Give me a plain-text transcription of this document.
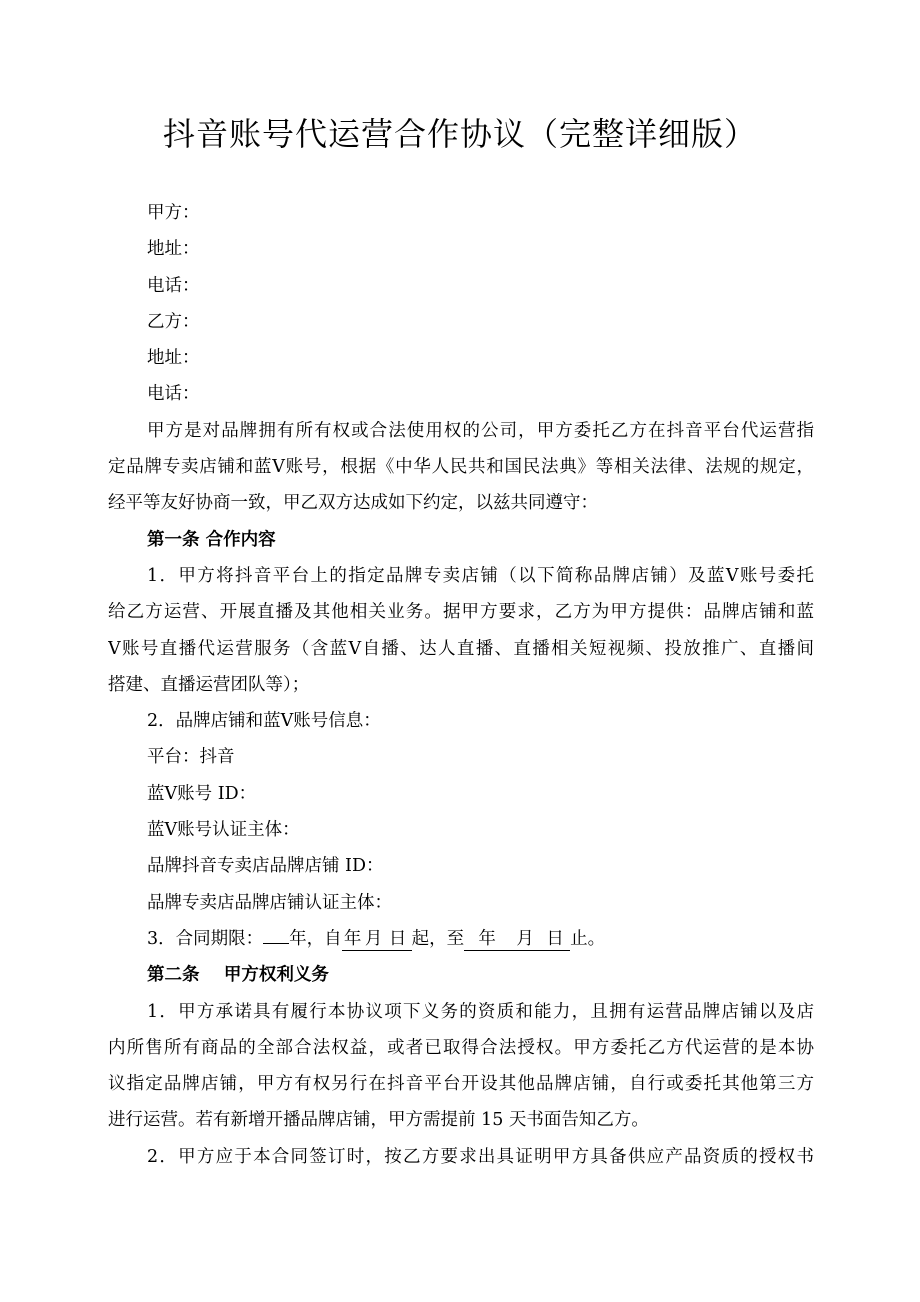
抖音账号代运营合作协议（完整详细版）
甲方：
地址：
电话：
乙方：
地址：
电话：
甲方是对品牌拥有所有权或合法使用权的公司，甲方委托乙方在抖音平台代运营指
定品牌专卖店铺和蓝Ⅴ账号，根据《中华人民共和国民法典》等相关法律、法规的规定，
经平等友好协商一致，甲乙双方达成如下约定，以兹共同遵守：
第一条 合作内容
1．甲方将抖音平台上的指定品牌专卖店铺（以下简称品牌店铺）及蓝Ⅴ账号委托
给乙方运营、开展直播及其他相关业务。据甲方要求，乙方为甲方提供：品牌店铺和蓝
Ⅴ账号直播代运营服务（含蓝Ⅴ自播、达人直播、直播相关短视频、投放推广、直播间
搭建、直播运营团队等）；
2．品牌店铺和蓝Ⅴ账号信息：
平台：抖音
蓝Ⅴ账号 ID：
蓝Ⅴ账号认证主体：
品牌抖音专卖店品牌店铺 ID：
品牌专卖店品牌店铺认证主体：
3．合同期限： 年，自 年 月 日 起，至 年 月 日 止。
第二条    甲方权利义务
1．甲方承诺具有履行本协议项下义务的资质和能力，且拥有运营品牌店铺以及店
内所售所有商品的全部合法权益，或者已取得合法授权。甲方委托乙方代运营的是本协
议指定品牌店铺，甲方有权另行在抖音平台开设其他品牌店铺，自行或委托其他第三方
进行运营。若有新增开播品牌店铺，甲方需提前 15 天书面告知乙方。
2．甲方应于本合同签订时，按乙方要求出具证明甲方具备供应产品资质的授权书
